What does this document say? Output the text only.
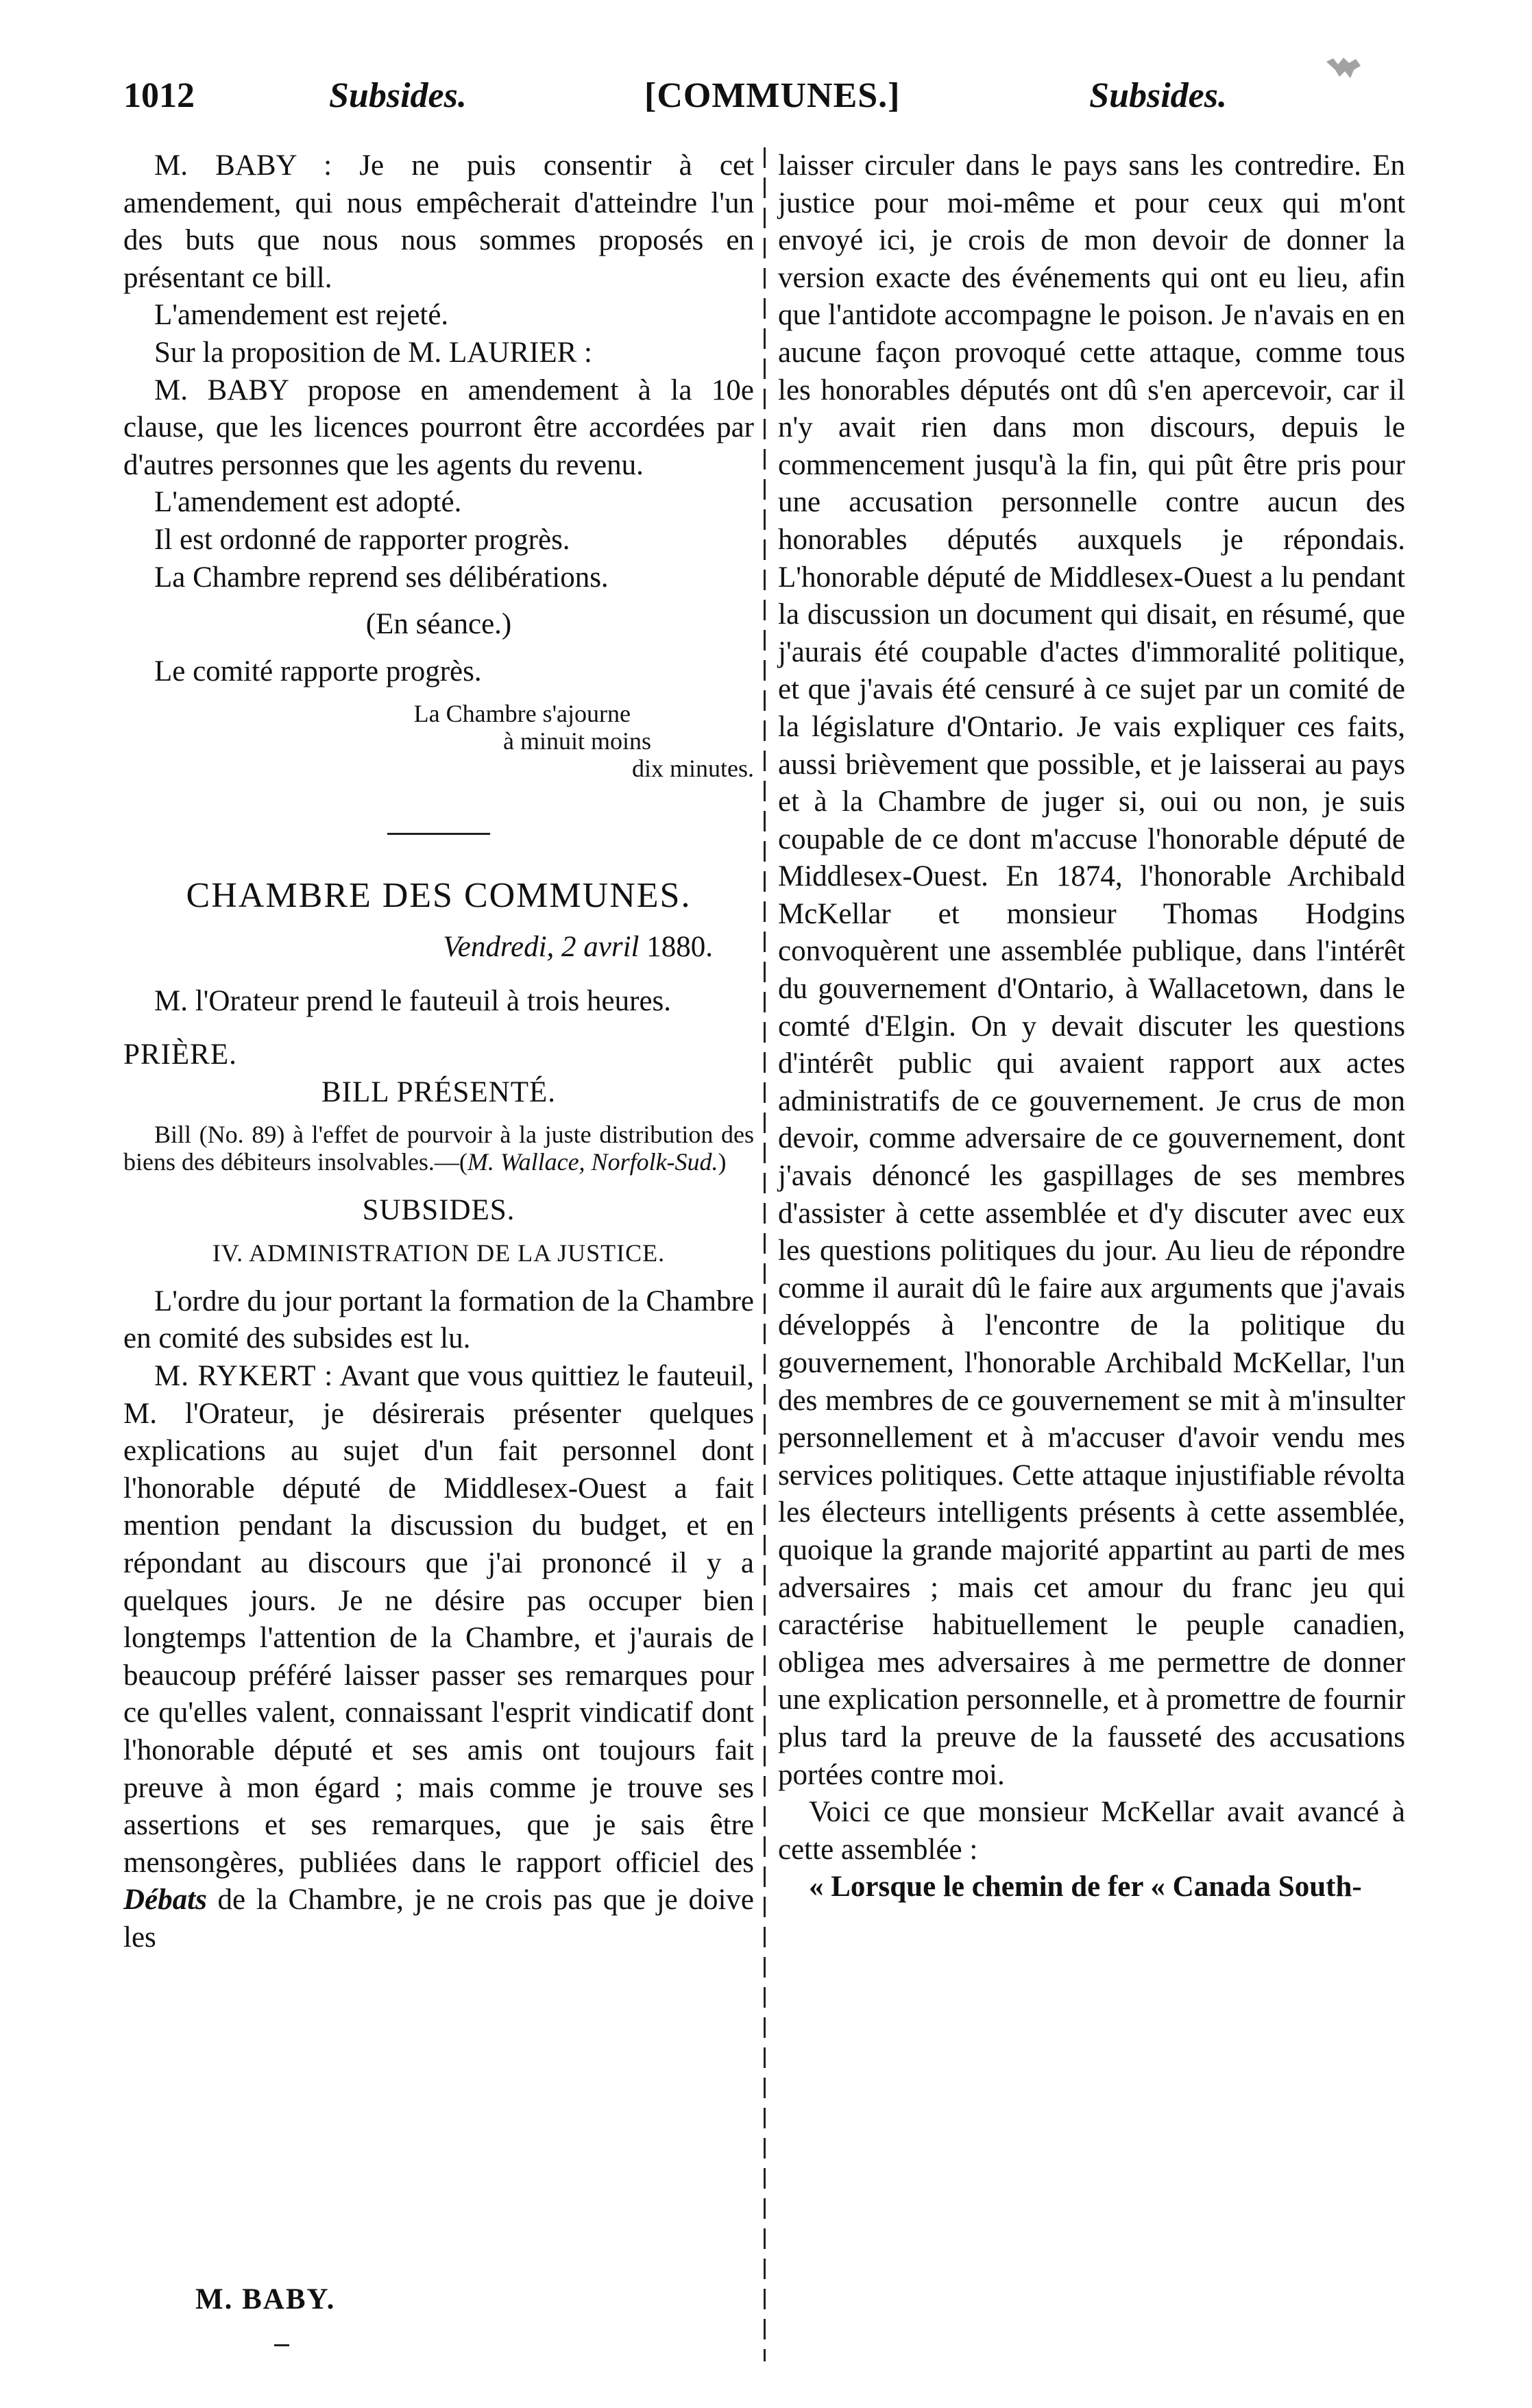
1012	Subsides.	[COMMUNES.]	Subsides.

M. BABY : Je ne puis consentir à cet amendement, qui nous empêcherait d'atteindre l'un des buts que nous nous sommes proposés en présentant ce bill.

L'amendement est rejeté.

Sur la proposition de M. LAURIER :

M. BABY propose en amendement à la 10e clause, que les licences pourront être accordées par d'autres personnes que les agents du revenu.

L'amendement est adopté.

Il est ordonné de rapporter progrès.

La Chambre reprend ses délibérations.

(En séance.)

Le comité rapporte progrès.

La Chambre s'ajourne

à minuit moins

dix minutes.

CHAMBRE DES COMMUNES.

Vendredi, 2 avril 1880.

M. l'Orateur prend le fauteuil à trois heures.

PRIÈRE.

BILL PRÉSENTÉ.

Bill (No. 89) à l'effet de pourvoir à la juste distribution des biens des débiteurs insolvables.—(M. Wallace, Norfolk-Sud.)

SUBSIDES.

IV. ADMINISTRATION DE LA JUSTICE.

L'ordre du jour portant la formation de la Chambre en comité des subsides est lu.

M. RYKERT : Avant que vous quittiez le fauteuil, M. l'Orateur, je désirerais présenter quelques explications au sujet d'un fait personnel dont l'honorable député de Middlesex-Ouest a fait mention pendant la discussion du budget, et en répondant au discours que j'ai prononcé il y a quelques jours. Je ne désire pas occuper bien longtemps l'attention de la Chambre, et j'aurais de beaucoup préféré laisser passer ses remarques pour ce qu'elles valent, connaissant l'esprit vindicatif dont l'honorable député et ses amis ont toujours fait preuve à mon égard ; mais comme je trouve ses assertions et ses remarques, que je sais être mensongères, publiées dans le rapport officiel des Débats de la Chambre, je ne crois pas que je doive les

laisser circuler dans le pays sans les contredire. En justice pour moi-même et pour ceux qui m'ont envoyé ici, je crois de mon devoir de donner la version exacte des événements qui ont eu lieu, afin que l'antidote accompagne le poison. Je n'avais en en aucune façon provoqué cette attaque, comme tous les honorables députés ont dû s'en apercevoir, car il n'y avait rien dans mon discours, depuis le commencement jusqu'à la fin, qui pût être pris pour une accusation personnelle contre aucun des honorables députés auxquels je répondais. L'honorable député de Middlesex-Ouest a lu pendant la discussion un document qui disait, en résumé, que j'aurais été coupable d'actes d'immoralité politique, et que j'avais été censuré à ce sujet par un comité de la législature d'Ontario. Je vais expliquer ces faits, aussi brièvement que possible, et je laisserai au pays et à la Chambre de juger si, oui ou non, je suis coupable de ce dont m'accuse l'honorable député de Middlesex-Ouest. En 1874, l'honorable Archibald McKellar et monsieur Thomas Hodgins convoquèrent une assemblée publique, dans l'intérêt du gouvernement d'Ontario, à Wallacetown, dans le comté d'Elgin. On y devait discuter les questions d'intérêt public qui avaient rapport aux actes administratifs de ce gouvernement. Je crus de mon devoir, comme adversaire de ce gouvernement, dont j'avais dénoncé les gaspillages de ses membres d'assister à cette assemblée et d'y discuter avec eux les questions politiques du jour. Au lieu de répondre comme il aurait dû le faire aux arguments que j'avais développés à l'encontre de la politique du gouvernement, l'honorable Archibald McKellar, l'un des membres de ce gouvernement se mit à m'insulter personnellement et à m'accuser d'avoir vendu mes services politiques. Cette attaque injustifiable révolta les électeurs intelligents présents à cette assemblée, quoique la grande majorité appartint au parti de mes adversaires ; mais cet amour du franc jeu qui caractérise habituellement le peuple canadien, obligea mes adversaires à me permettre de donner une explication personnelle, et à promettre de fournir plus tard la preuve de la fausseté des accusations portées contre moi.

Voici ce que monsieur McKellar avait avancé à cette assemblée :

« Lorsque le chemin de fer « Canada South-

M. BABY.
